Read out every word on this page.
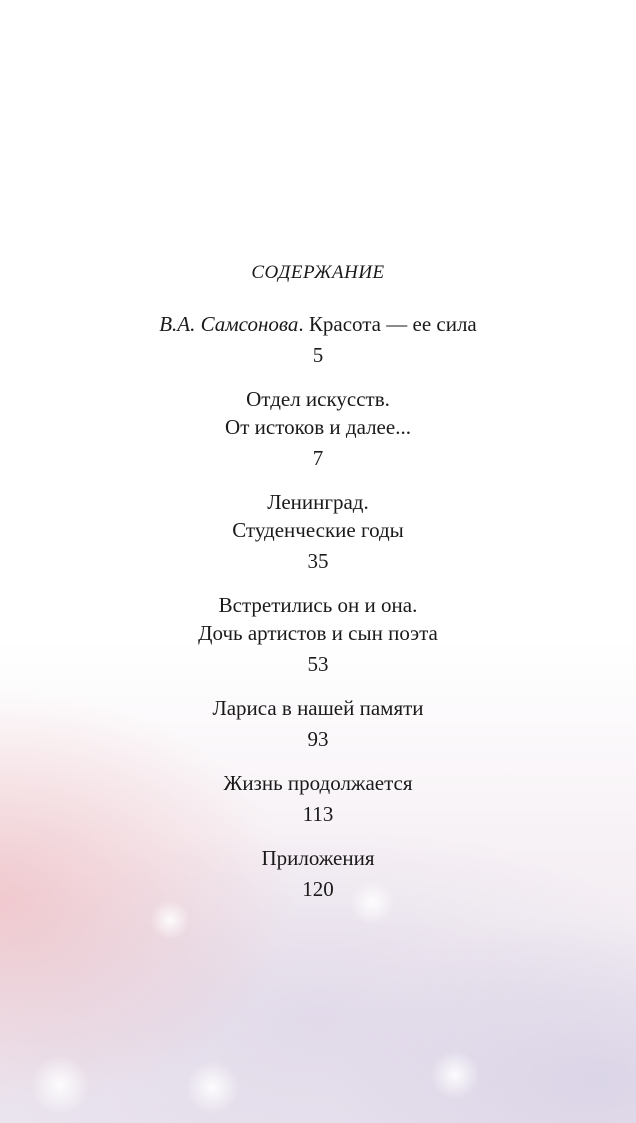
СОДЕРЖАНИЕ
В.А. Самсонова. Красота — ее сила
5
Отдел искусств.
От истоков и далее...
7
Ленинград.
Студенческие годы
35
Встретились он и она.
Дочь артистов и сын поэта
53
Лариса в нашей памяти
93
Жизнь продолжается
113
Приложения
120
